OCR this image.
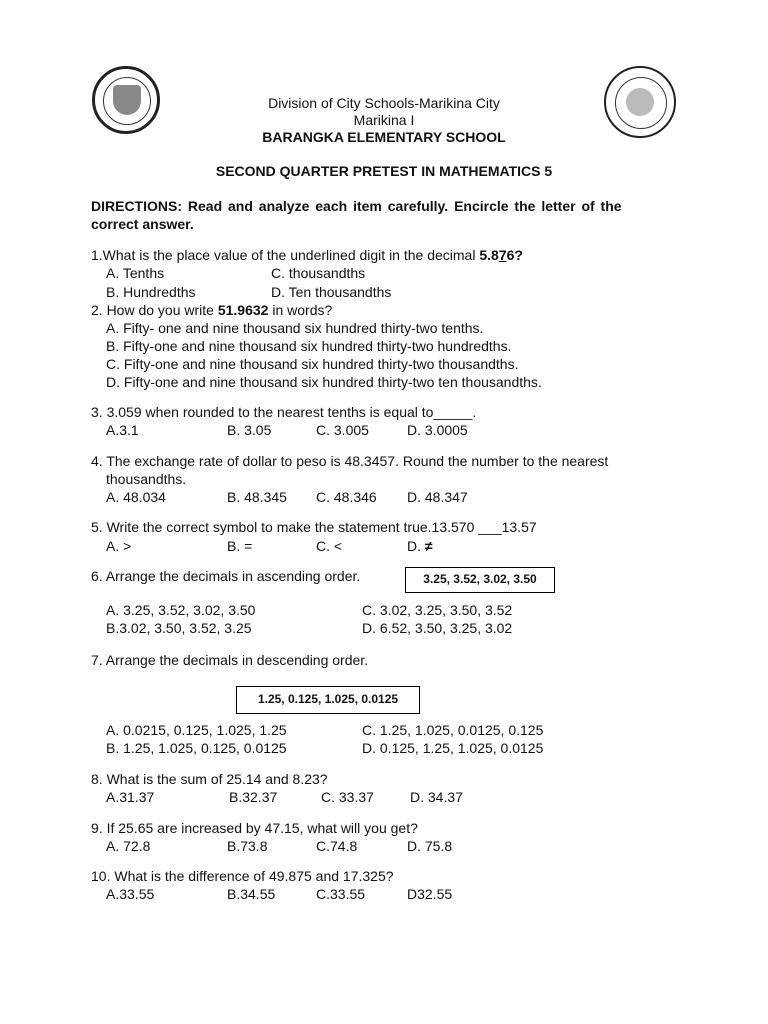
Division of City Schools-Marikina City
Marikina I
BARANGKA ELEMENTARY SCHOOL
SECOND QUARTER PRETEST IN MATHEMATICS 5
DIRECTIONS: Read and analyze each item carefully. Encircle the letter of the
correct answer.
1.What is the place value of the underlined digit in the decimal 5.876?
A. Tenths	C. thousandths
B. Hundredths	D. Ten thousandths
2. How do you write 51.9632 in words?
A. Fifty- one and nine thousand six hundred thirty-two tenths.
B. Fifty-one and nine thousand six hundred thirty-two hundredths.
C. Fifty-one and nine thousand six hundred thirty-two thousandths.
D. Fifty-one and nine thousand six hundred thirty-two ten thousandths.
3. 3.059 when rounded to the nearest tenths is equal to_____.
A.3.1	B. 3.05	C. 3.005	D. 3.0005
4. The exchange rate of dollar to peso is 48.3457. Round the number to the nearest
thousandths.
A. 48.034	B. 48.345 C. 48.346 D. 48.347
5. Write the correct symbol to make the statement true.13.570 ___13.57
A. >	B. =	C. <	D. ≠
6. Arrange the decimals in ascending order.	3.25, 3.52, 3.02, 3.50
A. 3.25, 3.52, 3.02, 3.50	C. 3.02, 3.25, 3.50, 3.52
B.3.02, 3.50, 3.52, 3.25	D. 6.52, 3.50, 3.25, 3.02
7. Arrange the decimals in descending order.
1.25, 0.125, 1.025, 0.0125
A. 0.0215, 0.125, 1.025, 1.25	C. 1.25, 1.025, 0.0125, 0.125
B. 1.25, 1.025, 0.125, 0.0125	D. 0.125, 1.25, 1.025, 0.0125
8. What is the sum of 25.14 and 8.23?
A.31.37	B.32.37	C. 33.37	D. 34.37
9. If 25.65 are increased by 47.15, what will you get?
A. 72.8	B.73.8	C.74.8	D. 75.8
10. What is the difference of 49.875 and 17.325?
A.33.55	B.34.55	C.33.55	D32.55
